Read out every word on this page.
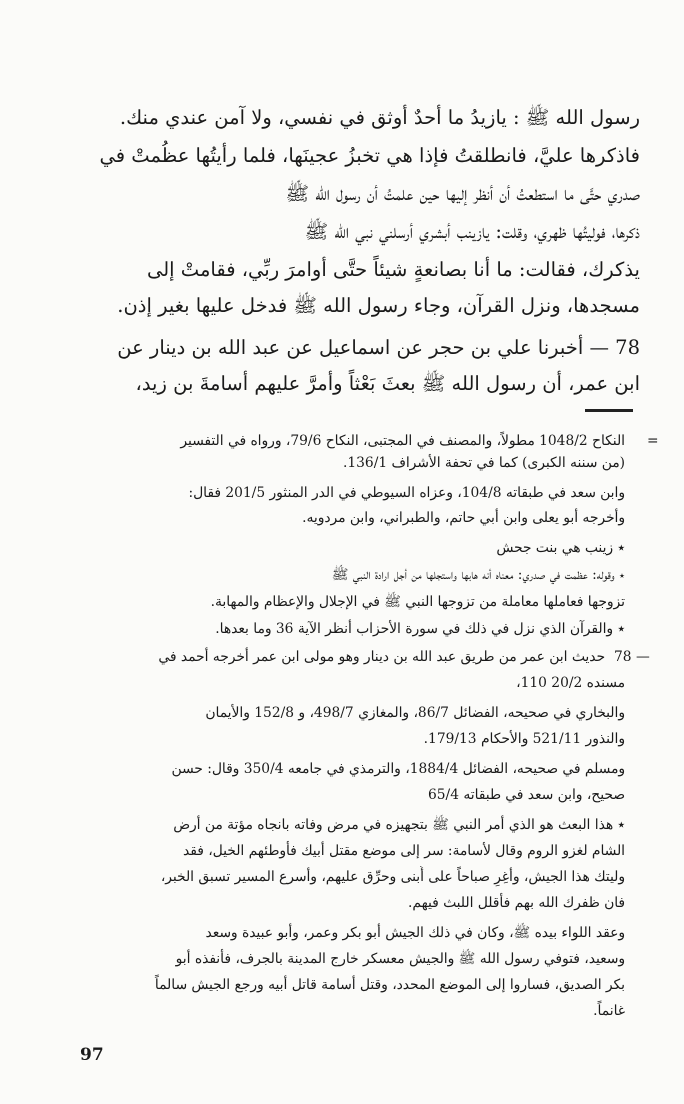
رسول الله ﷺ : يازيدُ ما أحدٌ أوثق في نفسي، ولا آمن عندي منك.
فاذكرها عليَّ، فانطلقتُ فإذا هي تخبزُ عجينَها، فلما رأيتُها عظُمتْ في
صدري حتَّى ما استطعتُ أن أنظر إليها حين علمتُ أن رسول الله ﷺ
ذكرها، فوليتُها ظهري، وقلت: يازينب أبشري أرسلني نبي الله ﷺ
يذكرك، فقالت: ما أنا بصانعةٍ شيئاً حتَّى أوامرَ ربِّي، فقامتْ إلى
مسجدها، ونزل القرآن، وجاء رسول الله ﷺ فدخل عليها بغير إذن.
78 — أخبرنا علي بن حجر عن اسماعيل عن عبد الله بن دينار عن
ابن عمر، أن رسول الله ﷺ بعثَ بَعْثاً وأمرَّ عليهم أسامةَ بن زيد،
=
78 —
النكاح 1048/2 مطولاً، والمصنف في المجتبى، النكاح 79/6، ورواه في التفسير
(من سننه الكبرى) كما في تحفة الأشراف 136/1.
وابن سعد في طبقاته 104/8، وعزاه السيوطي في الدر المنثور 201/5 فقال:
وأخرجه أبو يعلى وابن أبي حاتم، والطبراني، وابن مردويه.
٭ زينب هي بنت جحش
٭ وقوله: عظمت في صدري: معناه أنه هابها واستجلها من أجل ارادة النبي ﷺ
تزوجها فعاملها معاملة من تزوجها النبي ﷺ في الإجلال والإعظام والمهابة.
٭ والقرآن الذي نزل في ذلك في سورة الأحزاب أنظر الآية 36 وما بعدها.
حديث ابن عمر من طريق عبد الله بن دينار وهو مولى ابن عمر أخرجه أحمد في
مسنده 20/2 110،
والبخاري في صحيحه، الفضائل 86/7، والمغازي 498/7، و 152/8 والأيمان
والنذور 521/11 والأحكام 179/13.
ومسلم في صحيحه، الفضائل 1884/4، والترمذي في جامعه 350/4 وقال: حسن
صحيح، وابن سعد في طبقاته 65/4
٭ هذا البعث هو الذي أمر النبي ﷺ بتجهيزه في مرض وفاته بانجاه مؤتة من أرض
الشام لغزو الروم وقال لأسامة: سر إلى موضع مقتل أبيك فأوطئهم الخيل، فقد
وليتك هذا الجيش، وأغِرِ صباحاً على أُبنى وحرِّق عليهم، وأسرع المسير تسبق الخبر،
فان ظفرك الله بهم فأقلل اللبث فيهم.
وعقد اللواء بيده ﷺ، وكان في ذلك الجيش أبو بكر وعمر، وأبو عبيدة وسعد
وسعيد، فتوفي رسول الله ﷺ والجيش معسكر خارج المدينة بالجرف، فأنفذه أبو
بكر الصديق، فساروا إلى الموضع المحدد، وقتل أسامة قاتل أبيه ورجع الجيش سالماً
غانماً.
97
